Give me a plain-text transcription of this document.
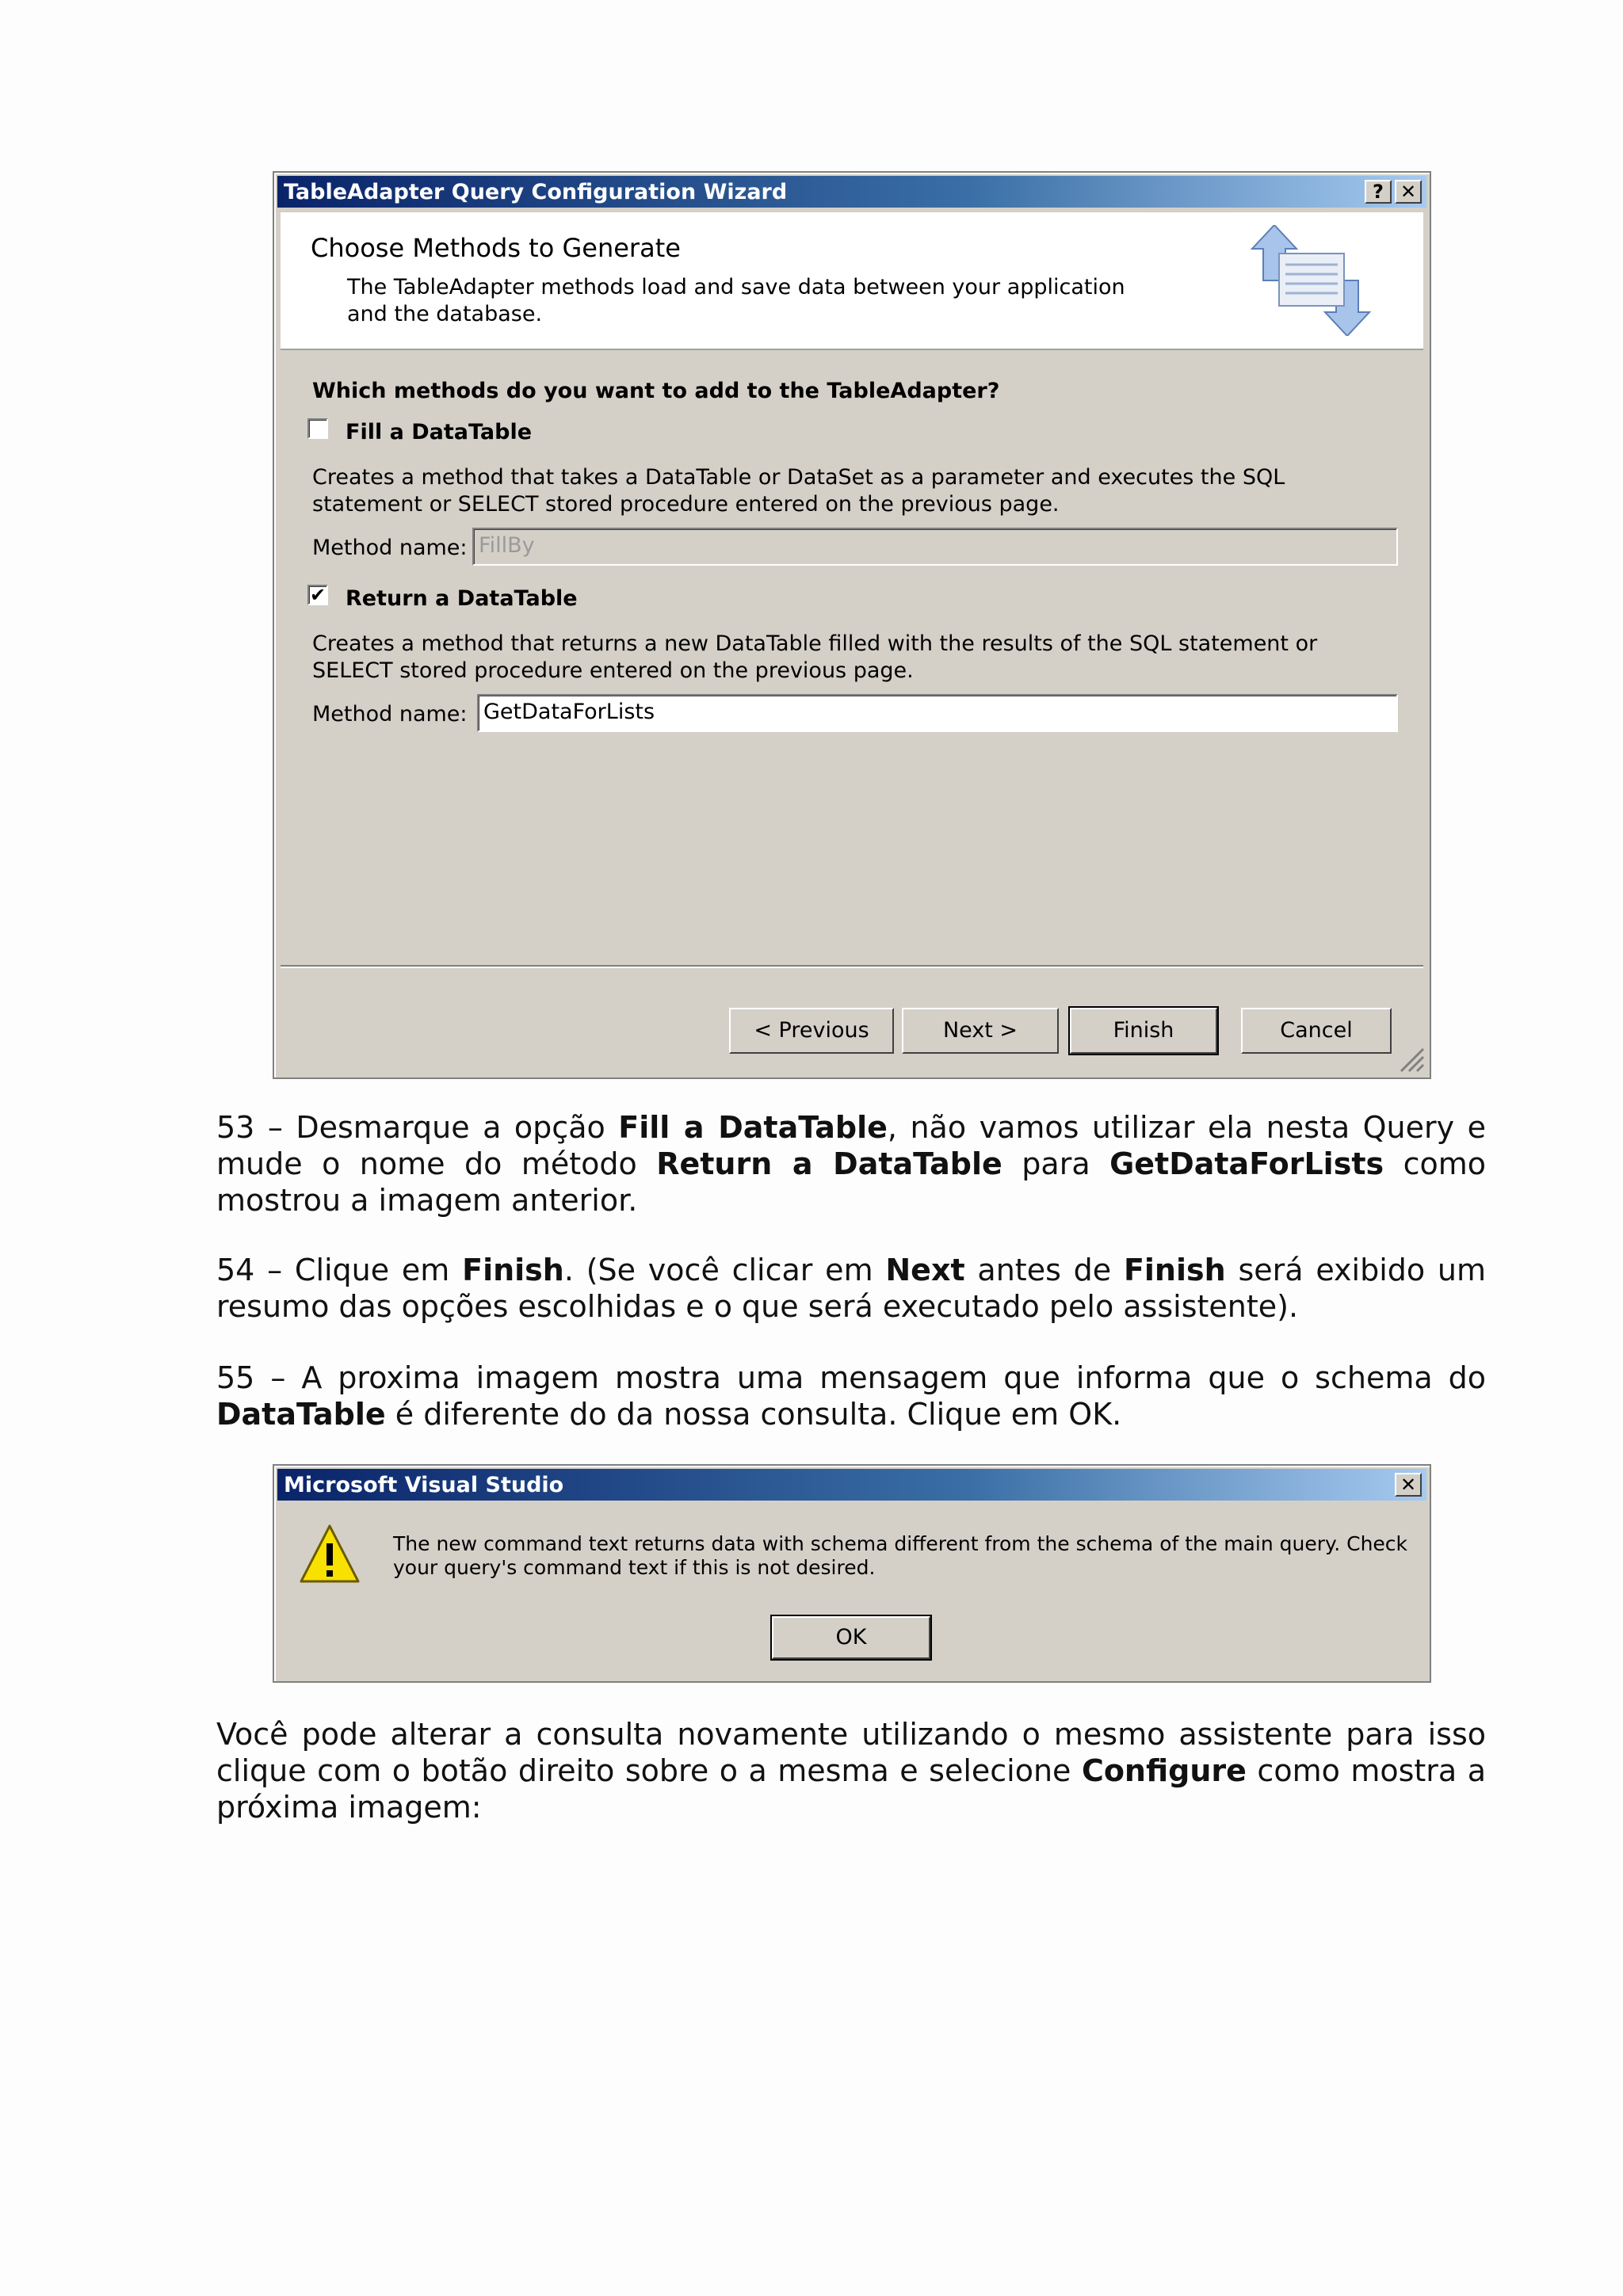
TableAdapter Query Configuration Wizard	? ✕
Choose Methods to Generate
The TableAdapter methods load and save data between your application and the database.
Which methods do you want to add to the TableAdapter?
Fill a DataTable
Creates a method that takes a DataTable or DataSet as a parameter and executes the SQL statement or SELECT stored procedure entered on the previous page.
Method name: FillBy
✔ Return a DataTable
Creates a method that returns a new DataTable filled with the results of the SQL statement or SELECT stored procedure entered on the previous page.
Method name: GetDataForLists
< Previous	Next >	Finish	Cancel

53 – Desmarque a opção Fill a DataTable, não vamos utilizar ela nesta Query e mude o nome do método Return a DataTable para GetDataForLists como mostrou a imagem anterior.

54 – Clique em Finish. (Se você clicar em Next antes de Finish será exibido um resumo das opções escolhidas e o que será executado pelo assistente).

55 – A proxima imagem mostra uma mensagem que informa que o schema do DataTable é diferente do da nossa consulta. Clique em OK.

Microsoft Visual Studio	✕
The new command text returns data with schema different from the schema of the main query. Check your query's command text if this is not desired.
OK

Você pode alterar a consulta novamente utilizando o mesmo assistente para isso clique com o botão direito sobre o a mesma e selecione Configure como mostra a próxima imagem:
